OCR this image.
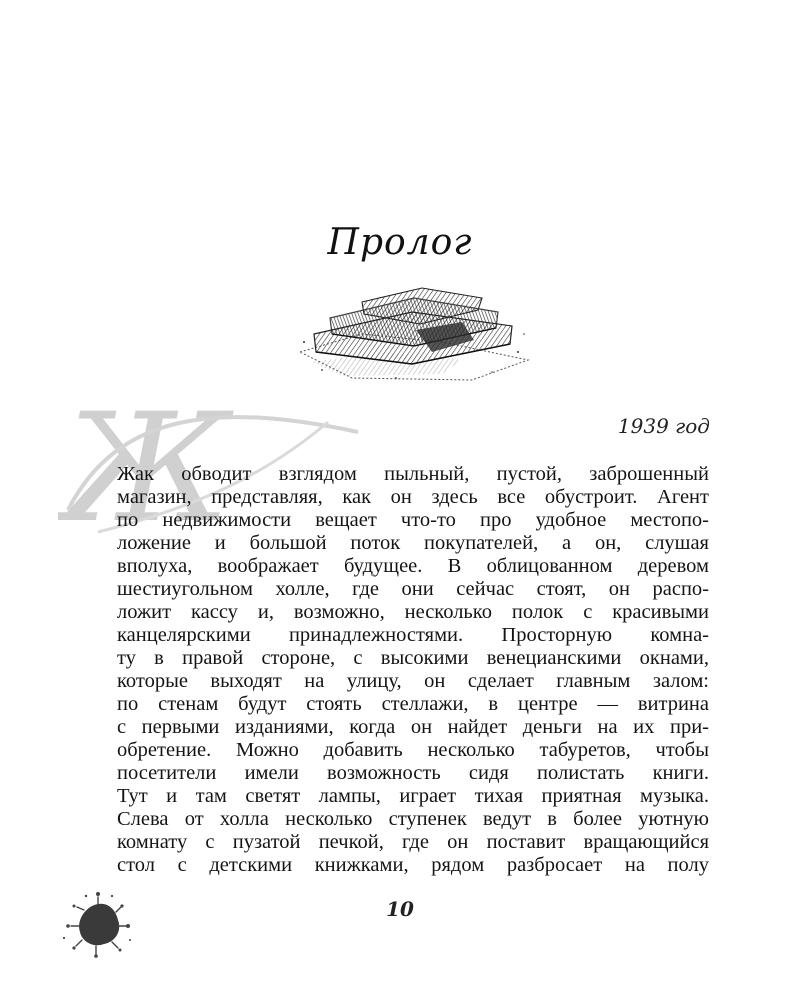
Пролог
1939 год
Ж
Жак обводит взглядом пыльный, пустой, заброшенный
магазин, представляя, как он здесь все обустроит. Агент
по недвижимости вещает что-то про удобное местопо-
ложение и большой поток покупателей, а он, слушая
вполуха, воображает будущее. В облицованном деревом
шестиугольном холле, где они сейчас стоят, он распо-
ложит кассу и, возможно, несколько полок с красивыми
канцелярскими принадлежностями. Просторную комна-
ту в правой стороне, с высокими венецианскими окнами,
которые выходят на улицу, он сделает главным залом:
по стенам будут стоять стеллажи, в центре — витрина
с первыми изданиями, когда он найдет деньги на их при-
обретение. Можно добавить несколько табуретов, чтобы
посетители имели возможность сидя полистать книги.
Тут и там светят лампы, играет тихая приятная музыка.
Слева от холла несколько ступенек ведут в более уютную
комнату с пузатой печкой, где он поставит вращающийся
стол с детскими книжками, рядом разбросает на полу
10
